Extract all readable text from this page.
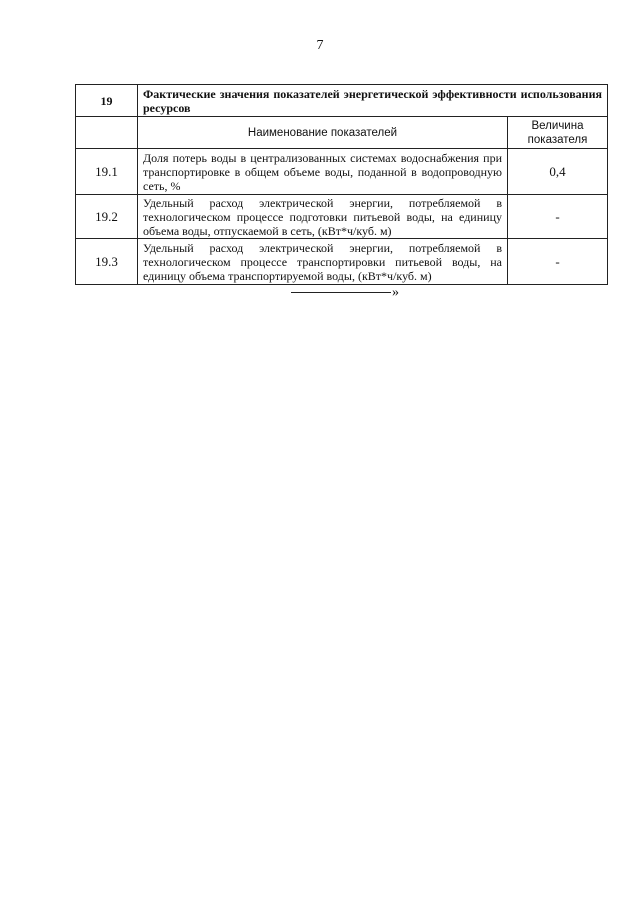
7
19	Фактические значения показателей энергетической эффективности использования ресурсов	
	Наименование показателей	Величина показателя
19.1	Доля потерь воды в централизованных системах водоснабжения при транспортировке в общем объеме воды, поданной в водопроводную сеть, %	0,4
19.2	Удельный расход электрической энергии, потребляемой в технологическом процессе подготовки питьевой воды, на единицу объема воды, отпускаемой в сеть, (кВт*ч/куб. м)	-
19.3	Удельный расход электрической энергии, потребляемой в технологическом процессе транспортировки питьевой воды, на единицу объема транспортируемой воды, (кВт*ч/куб. м)	-
»
